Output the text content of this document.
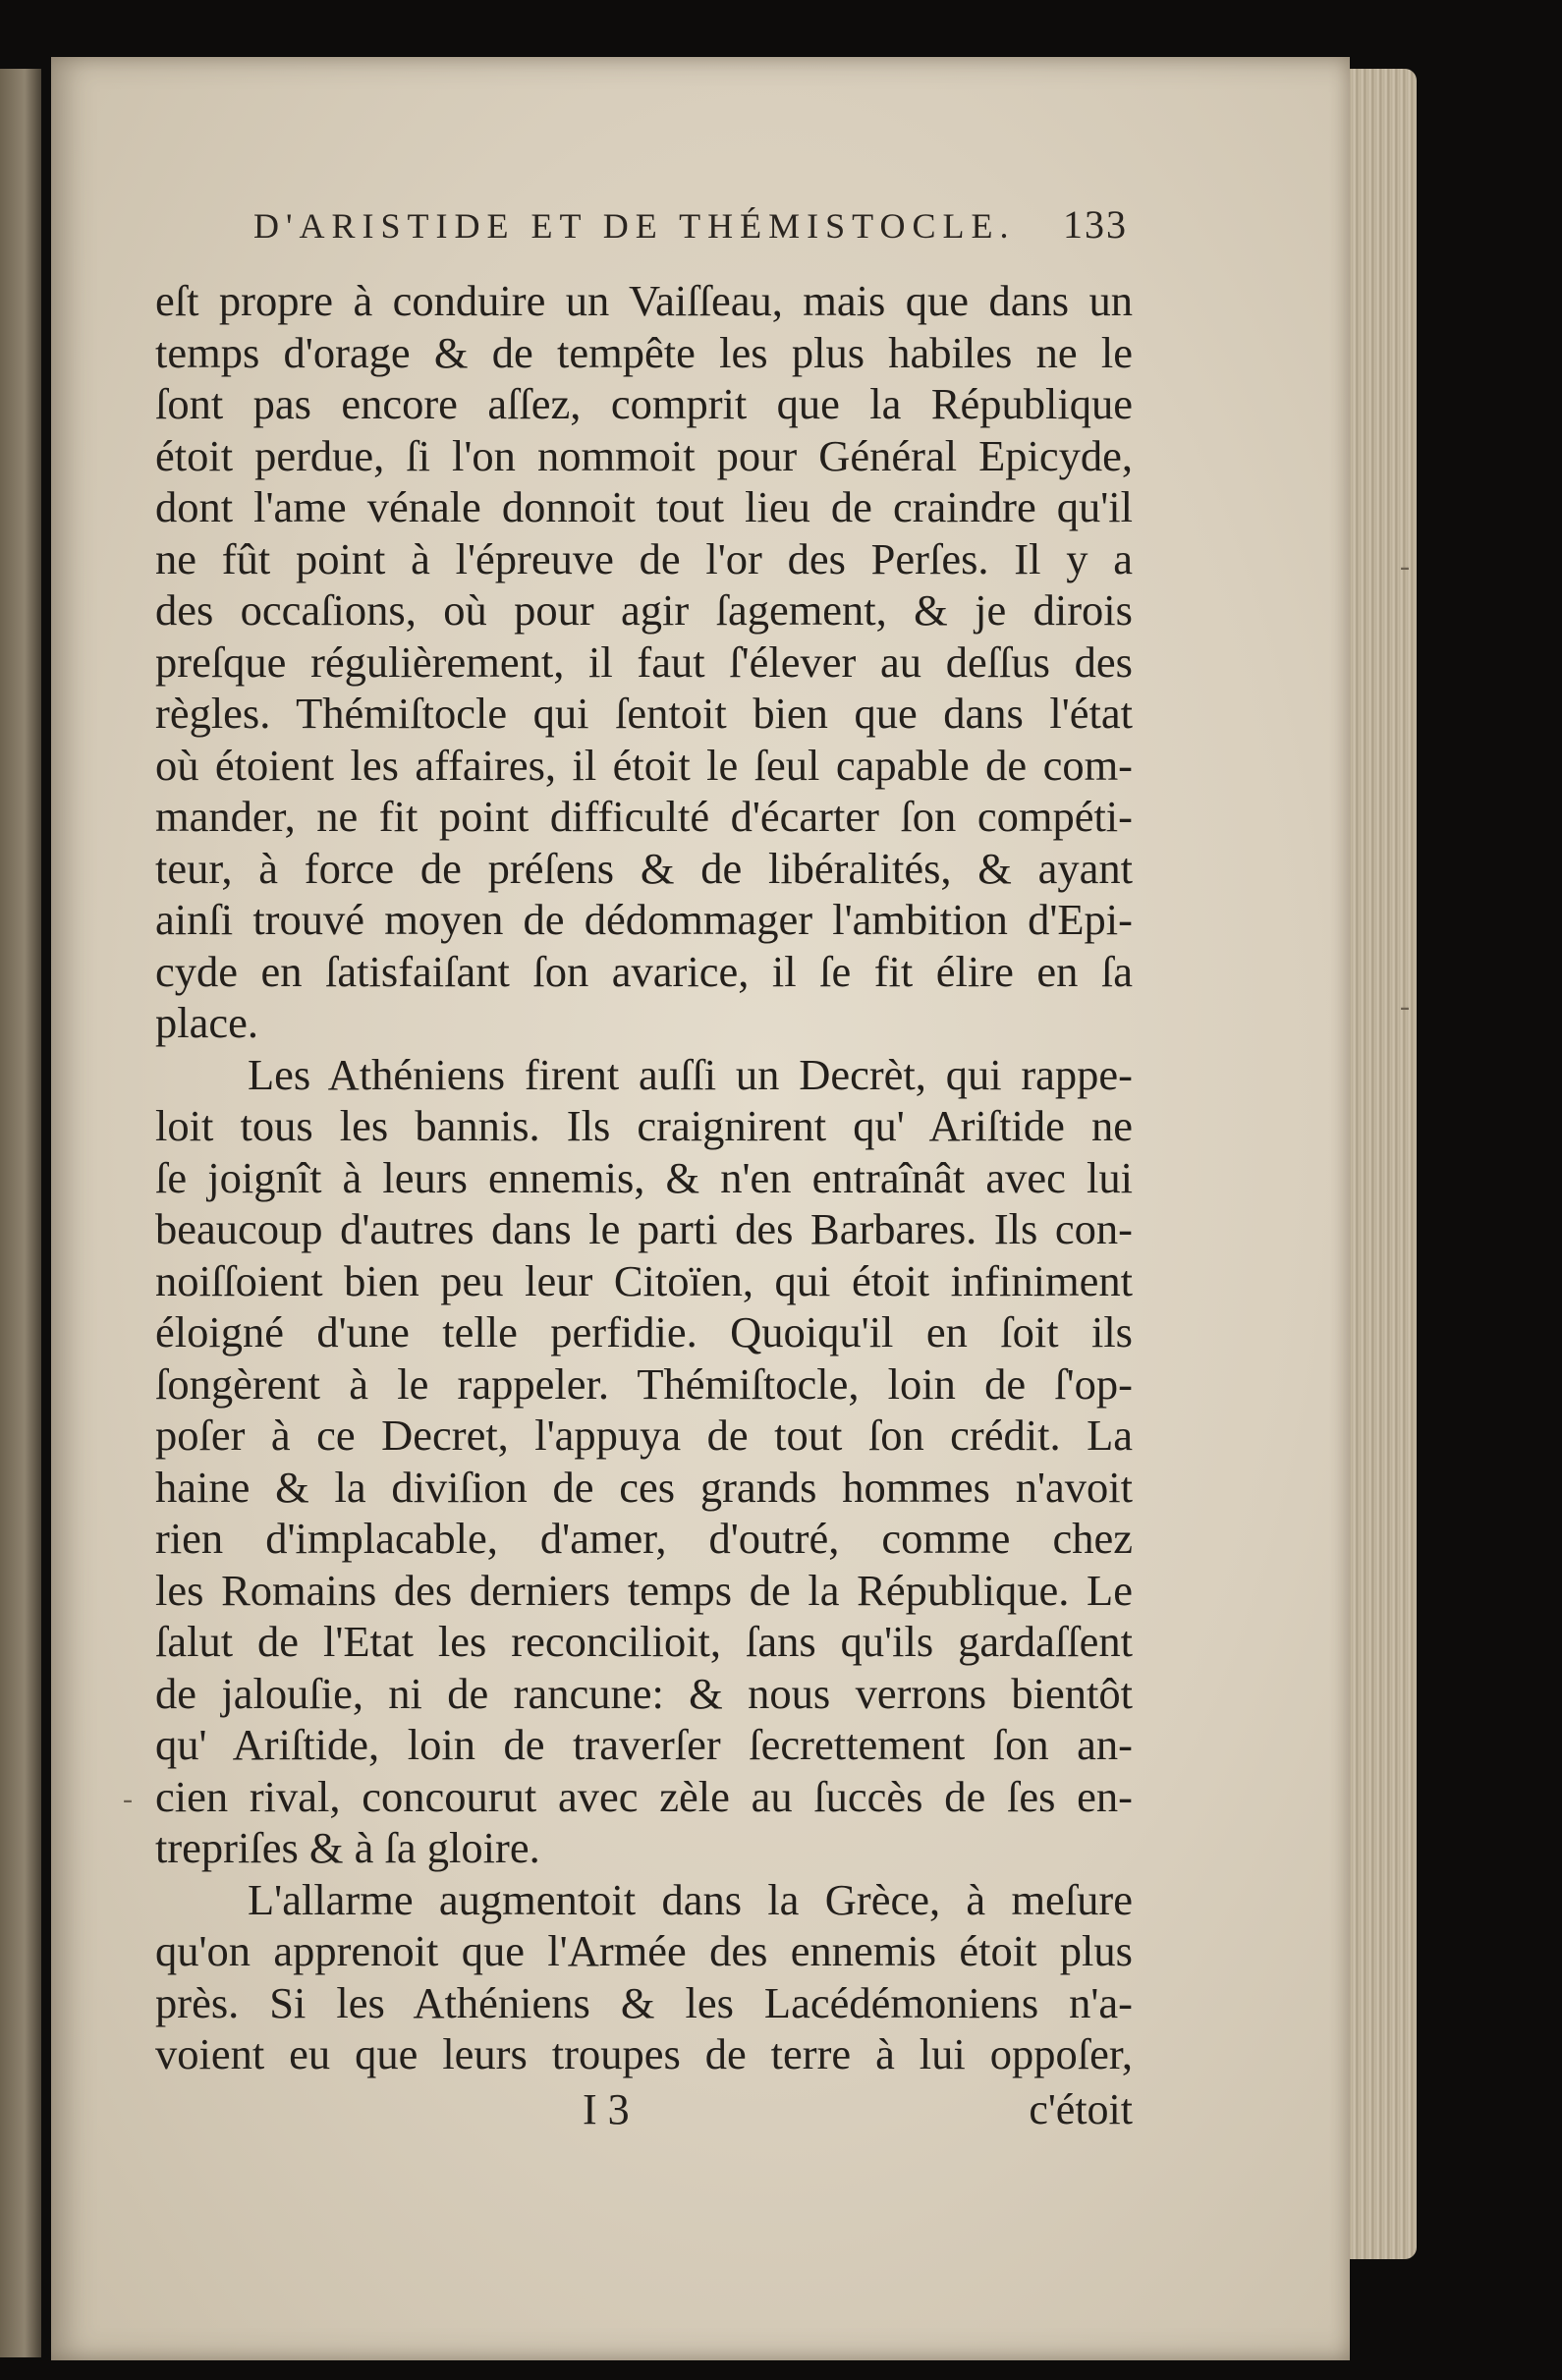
D'ARISTIDE ET DE THÉMISTOCLE. 133
eſt propre à conduire un Vaiſſeau, mais que dans un
temps d'orage & de tempête les plus habiles ne le
ſont pas encore aſſez, comprit que la République
étoit perdue, ſi l'on nommoit pour Général Epicyde,
dont l'ame vénale donnoit tout lieu de craindre qu'il
ne fût point à l'épreuve de l'or des Perſes. Il y a
des occaſions, où pour agir ſagement, & je dirois
preſque régulièrement, il faut ſ'élever au deſſus des
règles. Thémiſtocle qui ſentoit bien que dans l'état
où étoient les affaires, il étoit le ſeul capable de com-
mander, ne fit point difficulté d'écarter ſon compéti-
teur, à force de préſens & de libéralités, & ayant
ainſi trouvé moyen de dédommager l'ambition d'Epi-
cyde en ſatisfaiſant ſon avarice, il ſe fit élire en ſa
place.
Les Athéniens firent auſſi un Decrèt, qui rappe-
loit tous les bannis. Ils craignirent qu' Ariſtide ne
ſe joignît à leurs ennemis, & n'en entraînât avec lui
beaucoup d'autres dans le parti des Barbares. Ils con-
noiſſoient bien peu leur Citoïen, qui étoit infiniment
éloigné d'une telle perfidie. Quoiqu'il en ſoit ils
ſongèrent à le rappeler. Thémiſtocle, loin de ſ'op-
poſer à ce Decret, l'appuya de tout ſon crédit. La
haine & la diviſion de ces grands hommes n'avoit
rien d'implacable, d'amer, d'outré, comme chez
les Romains des derniers temps de la République. Le
ſalut de l'Etat les reconcilioit, ſans qu'ils gardaſſent
de jalouſie, ni de rancune: & nous verrons bientôt
qu' Ariſtide, loin de traverſer ſecrettement ſon an-
cien rival, concourut avec zèle au ſuccès de ſes en-
trepriſes & à ſa gloire.
L'allarme augmentoit dans la Grèce, à meſure
qu'on apprenoit que l'Armée des ennemis étoit plus
près. Si les Athéniens & les Lacédémoniens n'a-
voient eu que leurs troupes de terre à lui oppoſer,
I 3	c'étoit
-
-
-
